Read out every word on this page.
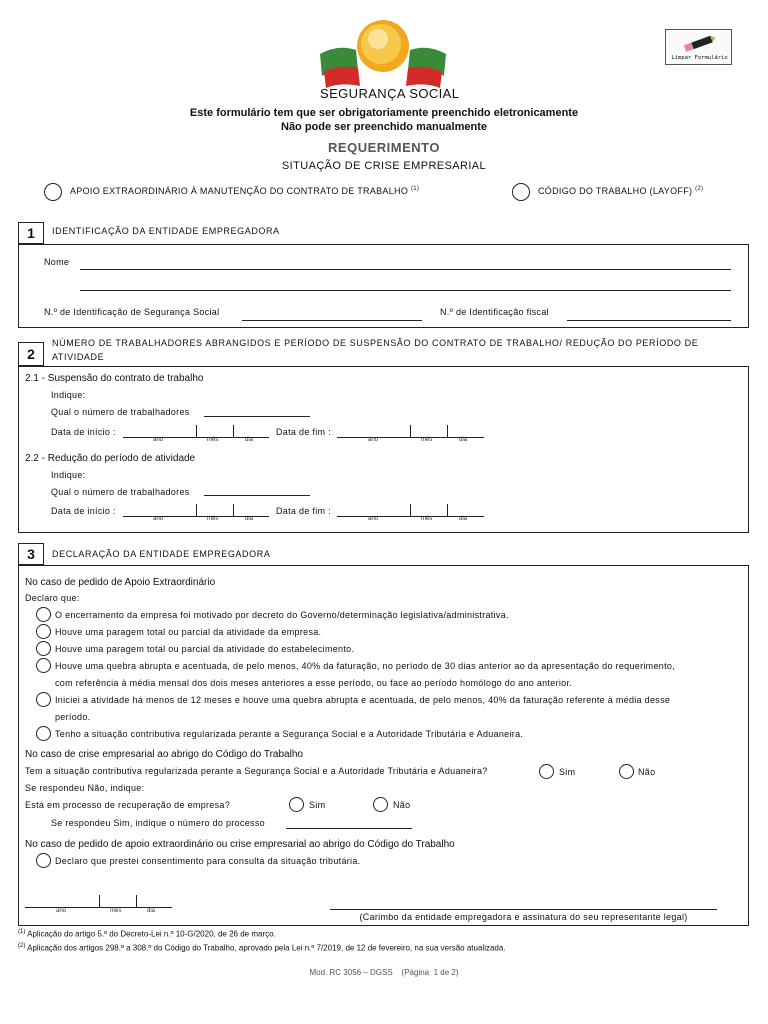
SEGURANÇA SOCIAL
Limpar Formulário
Este formulário tem que ser obrigatoriamente preenchido eletronicamente
Não pode ser preenchido manualmente
REQUERIMENTO
SITUAÇÃO DE CRISE EMPRESARIAL
APOIO EXTRAORDINÁRIO À MANUTENÇÃO DO CONTRATO DE TRABALHO $^{(1)}$	CÓDIGO DO TRABALHO (LAYOFF) $^{(2)}$
1	IDENTIFICAÇÃO DA ENTIDADE EMPREGADORA
Nome
N.º de Identificação de Segurança Social	N.º de Identificação fiscal
2
NÚMERO DE TRABALHADORES ABRANGIDOS E PERÍODO DE SUSPENSÃO DO CONTRATO DE TRABALHO/ REDUÇÃO DO PERÍODO DE
ATIVIDADE
2.1 - Suspensão do contrato de trabalho
Indique:
Qual o número de trabalhadores
Data de início :
ano	mês	dia
Data de fim :
ano	mês	dia
2.2 - Redução do período de atividade
Indique:
Qual o número de trabalhadores
Data de início :
ano	mês	dia
Data de fim :
ano	mês	dia
3	DECLARAÇÃO DA ENTIDADE EMPREGADORA
No caso de pedido de Apoio Extraordinário
Declaro que:
O encerramento da empresa foi motivado por decreto do Governo/determinação legislativa/administrativa.
Houve uma paragem total ou parcial da atividade da empresa.
Houve uma paragem total ou parcial da atividade do estabelecimento.
Houve uma quebra abrupta e acentuada, de pelo menos, 40% da faturação, no período de 30 dias anterior ao da apresentação do requerimento,
com referência à média mensal dos dois meses anteriores a esse período, ou face ao período homólogo do ano anterior.
Iniciei a atividade há menos de 12 meses e houve uma quebra abrupta e acentuada, de pelo menos, 40% da faturação referente à média desse
período.
Tenho a situação contributiva regularizada perante a Segurança Social e a Autoridade Tributária e Aduaneira.
No caso de crise empresarial ao abrigo do Código do Trabalho
Tem a situação contributiva regularizada perante a Segurança Social e a Autoridade Tributária e Aduaneira?	Sim	Não
Se respondeu Não, indique:
Está em processo de recuperação de empresa?	Sim	Não
Se respondeu Sim, indique o número do processo
No caso de pedido de apoio extraordinário ou crise empresarial ao abrigo do Código do Trabalho
Declaro que prestei consentimento para consulta da situação tributária.
ano	mês	dia
(Carimbo da entidade empregadora e assinatura do seu representante legal)
$^{(1)}$ Aplicação do artigo 5.º do Decreto-Lei n.º 10-G/2020, de 26 de março.
$^{(2)}$ Aplicação dos artigos 298.º a 308.º do Código do Trabalho, aprovado pela Lei n.º 7/2019, de 12 de fevereiro, na sua versão atualizada.
Mod. RC 3056 – DGSS    (Página  1 de 2)
